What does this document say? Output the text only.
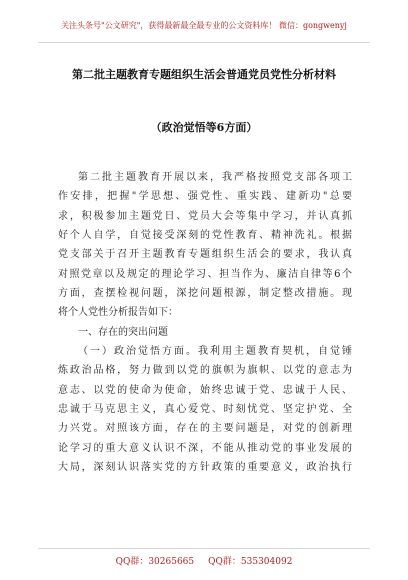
关注头条号"公文研究"，获得最新最全最专业的公文资料库！ 微信：gongwenyj
第二批主题教育专题组织生活会普通党员党性分析材料
（政治觉悟等6方面）
第二批主题教育开展以来，我严格按照党支部各项工
作安排，把握"学思想、强党性、重实践、建新功"总要
求，积极参加主题党日、党员大会等集中学习，并认真抓
好个人自学，自觉接受深刻的党性教育、精神洗礼。根据
党支部关于召开主题教育专题组织生活会的要求，我认真
对照党章以及规定的理论学习、担当作为、廉洁自律等6个
方面，查摆检视问题，深挖问题根源，制定整改措施。现
将个人党性分析报告如下：
一、存在的突出问题
（一）政治觉悟方面。我利用主题教育契机，自觉锤
炼政治品格，努力做到以党的旗帜为旗帜、以党的意志为
意志、以党的使命为使命，始终忠诚于党、忠诚于人民、
忠诚于马克思主义，真心爱党、时刻忧党、坚定护党、全
力兴党。对照该方面，存在的主要问题是，对党的创新理
论学习的重大意义认识不深，不能从推动党的事业发展的
大局，深刻认识落实党的方针政策的重要意义，政治执行
QQ群：30265665 QQ群：535304092
